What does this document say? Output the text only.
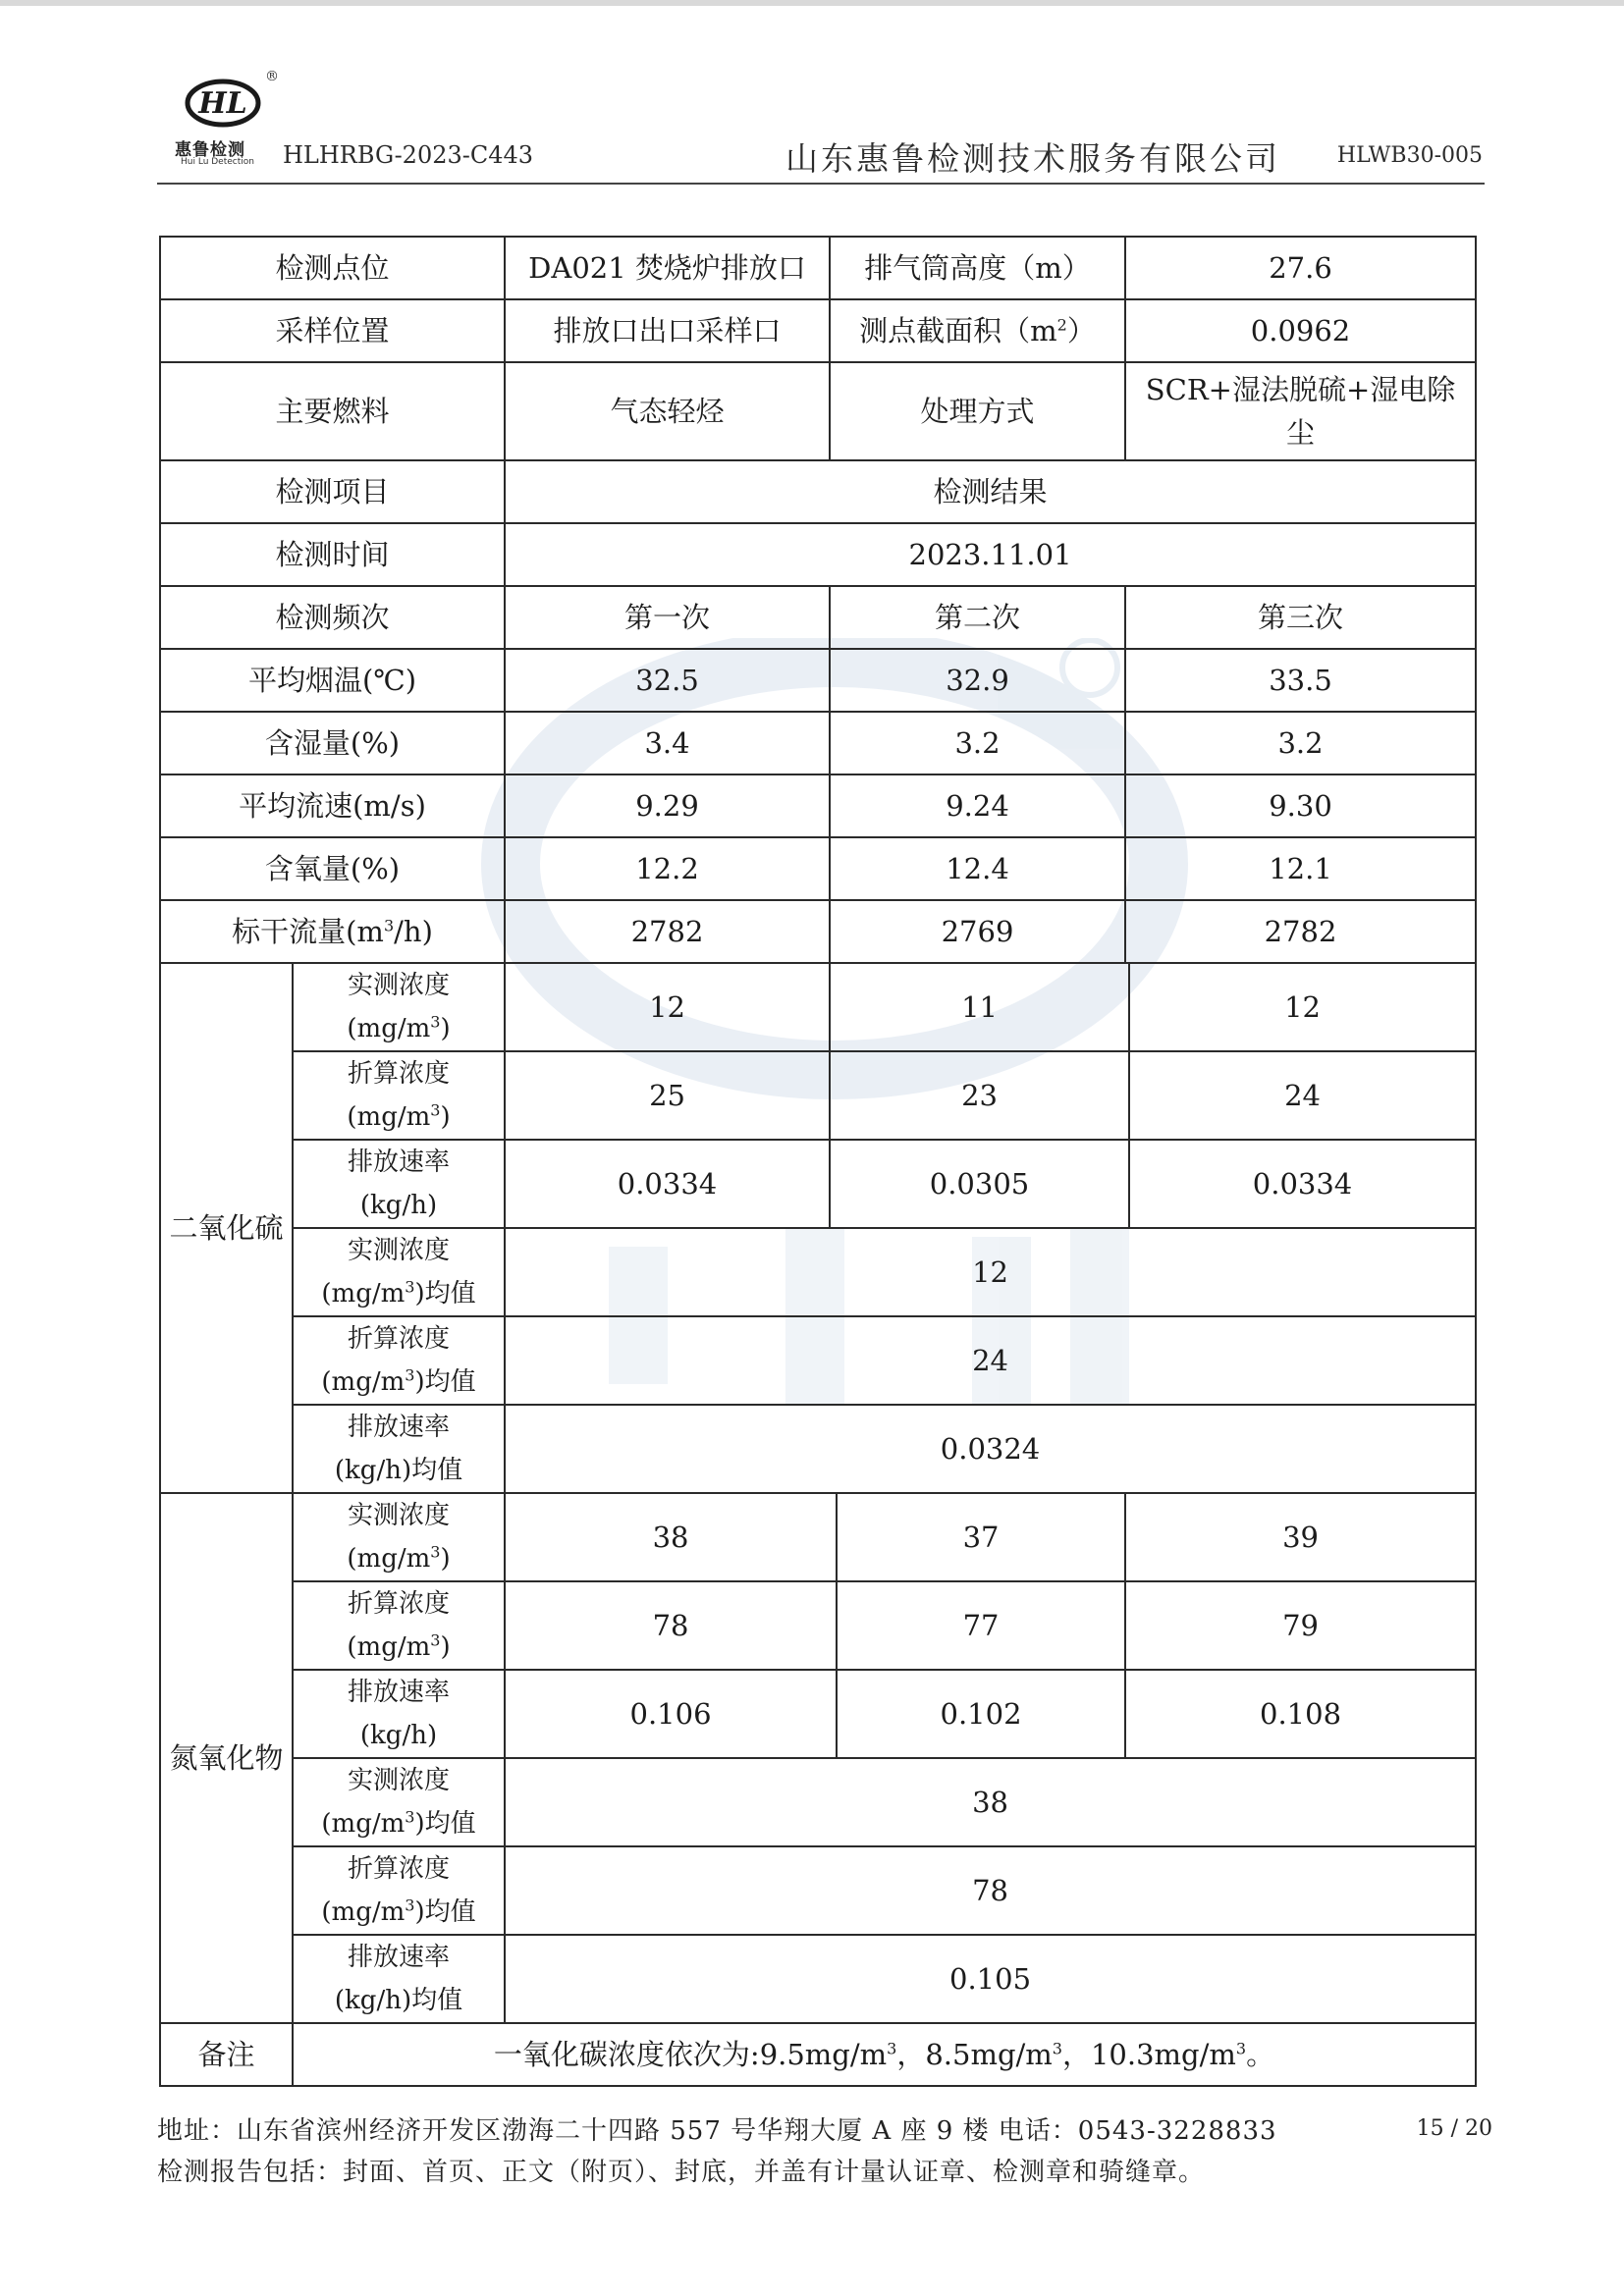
HL
®
惠鲁检测
Hui Lu Detection HLHRBG-2023-C443	山东惠鲁检测技术服务有限公司	HLWB30-005
检测点位		DA021 焚烧炉排放口	排气筒高度（m）		27.6	
采样位置		排放口出口采样口	测点截面积$(m^2)$		0.0962	
主要燃料		气态轻烃	处理方式		SCR+湿法脱硫+湿电除尘	
检测项目		检测结果				
检测时间		2023.11.01				
检测频次		第一次	第二次		第三次	
平均烟温(℃)		32.5	32.9		33.5	
含湿量(%)		3.4	3.2		3.2	
平均流速(m/s)		9.29	9.24		9.30	
含氧量(%)		12.2	12.4		12.1	
标干流量$(m^3/h)$		2782	2769		2782	
二氧化硫	实测浓度
$(mg/m^3)$	12	11			12
	折算浓度
$(mg/m^3)$	25	23			24
	排放速率
(kg/h)	0.0334	0.0305			0.0334
	实测浓度
$(mg/m^3)$均值	12				
	折算浓度
$(mg/m^3)$均值	24				
	排放速率
(kg/h)均值	0.0324				
氮氧化物	实测浓度
$(mg/m^3)$	38		37	39	
	折算浓度
$(mg/m^3)$	78		77	79	
	排放速率
(kg/h)	0.106		0.102	0.108	
	实测浓度
$(mg/m^3)$均值	38				
	折算浓度
$(mg/m^3)$均值	78				
	排放速率
(kg/h)均值	0.105				
备注	一氧化碳浓度依次为$:9.5mg/m^3$，$8.5mg/m^3$，$10.3mg/m^3$。					
地址：山东省滨州经济开发区渤海二十四路 557 号华翔大厦 A 座 9 楼 电话：0543-3228833	15 / 20
检测报告包括：封面、首页、正文（附页）、封底，并盖有计量认证章、检测章和骑缝章。
